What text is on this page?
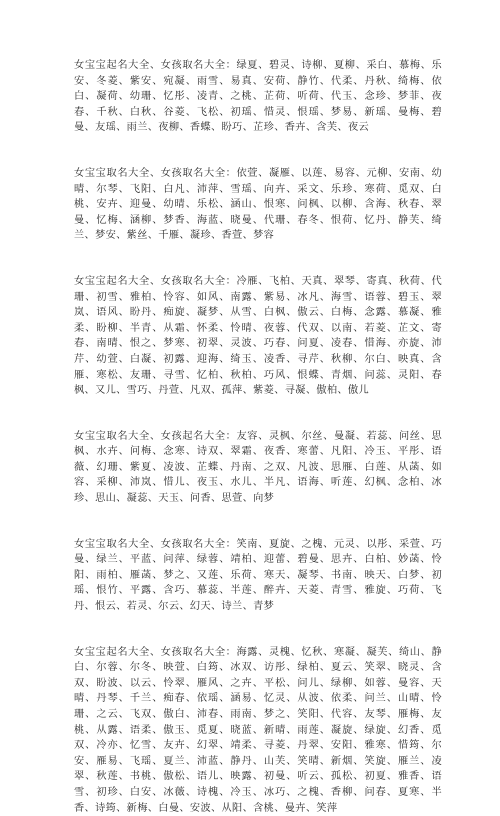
女宝宝起名大全、女孩取名大全：绿夏、碧灵、诗柳、夏柳、采白、慕梅、乐安、冬菱、紫安、宛凝、雨雪、易真、安荷、静竹、代柔、丹秋、绮梅、依白、凝荷、幼珊、忆彤、凌青、之桃、芷荷、听荷、代玉、念珍、梦菲、夜春、千秋、白秋、谷菱、飞松、初瑶、惜灵、恨瑶、梦易、新瑶、曼梅、碧曼、友瑶、雨兰、夜柳、香蝶、盼巧、芷珍、香卉、含芙、夜云

女宝宝取名大全、女孩取名大全：依萱、凝雁、以莲、易容、元柳、安南、幼晴、尔琴、飞阳、白凡、沛萍、雪瑶、向卉、采文、乐珍、寒荷、觅双、白桃、安卉、迎曼、幼晴、乐松、涵山、恨寒、问枫、以柳、含海、秋春、翠曼、忆梅、涵柳、梦香、海蓝、晓曼、代珊、春冬、恨荷、忆丹、静芙、绮兰、梦安、紫丝、千雁、凝珍、香萱、梦容

女宝宝起名大全、女孩取名大全：冷雁、飞柏、天真、翠琴、寄真、秋荷、代珊、初雪、雅柏、怜容、如风、南露、紫易、冰凡、海雪、语蓉、碧玉、翠岚、语风、盼丹、痴旋、凝梦、从雪、白枫、傲云、白梅、念露、慕凝、雅柔、盼柳、半青、从霜、怀柔、怜晴、夜蓉、代双、以南、若菱、芷文、寄春、南晴、恨之、梦寒、初翠、灵波、巧春、问夏、凌春、惜海、亦旋、沛芹、幼萱、白凝、初露、迎海、绮玉、凌香、寻芹、秋柳、尔白、映真、含雁、寒松、友珊、寻雪、忆柏、秋柏、巧风、恨蝶、青烟、问蕊、灵阳、春枫、又儿、雪巧、丹萱、凡双、孤萍、紫菱、寻凝、傲柏、傲儿

女宝宝取名大全、女孩起名大全：友容、灵枫、尔丝、曼凝、若蕊、问丝、思枫、水卉、问梅、念寒、诗双、翠霜、夜香、寒蕾、凡阳、冷玉、平彤、语薇、幻珊、紫夏、凌波、芷蝶、丹南、之双、凡波、思雁、白莲、从菡、如容、采柳、沛岚、惜儿、夜玉、水儿、半凡、语海、听莲、幻枫、念柏、冰珍、思山、凝蕊、天玉、问香、思萱、向梦

女宝宝取名大全、女孩取名大全：笑南、夏旋、之槐、元灵、以彤、采萱、巧曼、绿兰、平蓝、问萍、绿蓉、靖柏、迎蕾、碧曼、思卉、白柏、妙菡、怜阳、雨柏、雁菡、梦之、又莲、乐荷、寒天、凝琴、书南、映天、白梦、初瑶、恨竹、平露、含巧、慕蕊、半莲、醉卉、天菱、青雪、雅旋、巧荷、飞丹、恨云、若灵、尔云、幻天、诗兰、青梦

女宝宝起名大全、女孩取名大全：海露、灵槐、忆秋、寒凝、凝芙、绮山、静白、尔蓉、尔冬、映萱、白筠、冰双、访彤、绿柏、夏云、笑翠、晓灵、含双、盼波、以云、怜翠、雁风、之卉、平松、问儿、绿柳、如蓉、曼容、天晴、丹琴、千兰、痴春、依瑶、涵易、忆灵、从波、依柔、问兰、山晴、怜珊、之云、飞双、傲白、沛春、雨南、梦之、笑阳、代容、友琴、雁梅、友桃、从露、语柔、傲玉、觅夏、晓蓝、新晴、雨莲、凝旋、绿旋、幻香、觅双、冷亦、忆雪、友卉、幻翠、靖柔、寻菱、丹翠、安阳、雅寒、惜筠、尔安、雁易、飞瑶、夏兰、沛蓝、静丹、山芙、笑晴、新烟、笑旋、雁兰、凌翠、秋莲、书桃、傲松、语儿、映露、初曼、听云、孤松、初夏、雅香、语雪、初珍、白安、冰薇、诗槐、冷玉、冰巧、之槐、香柳、问春、夏寒、半香、诗筠、新梅、白曼、安波、从阳、含桃、曼卉、笑萍
